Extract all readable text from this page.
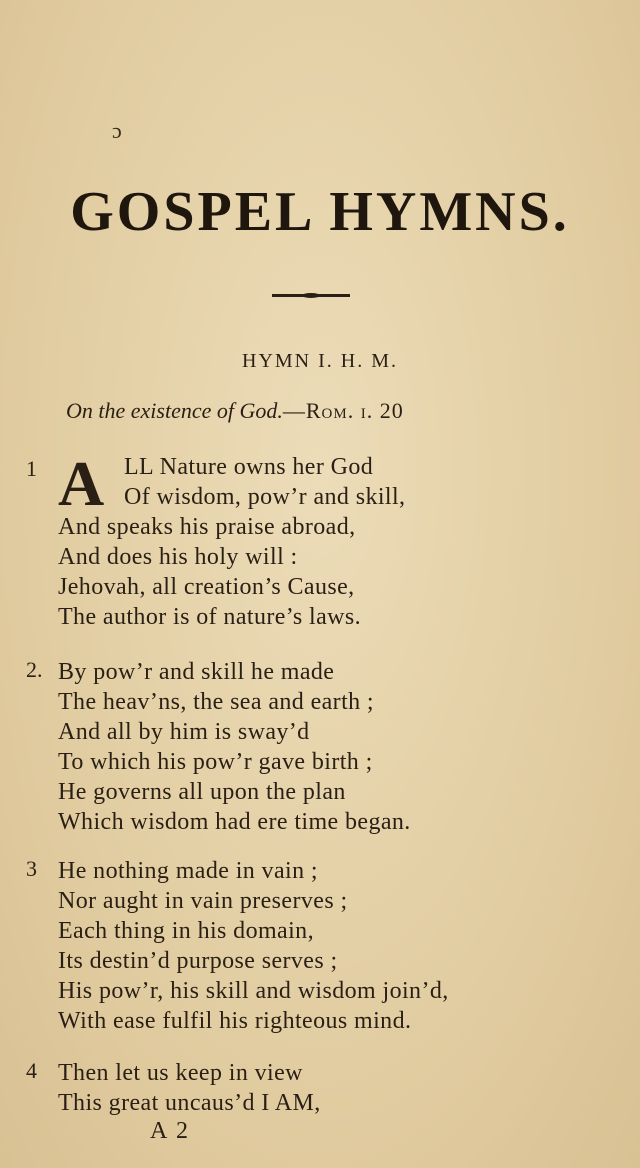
ɔ
GOSPEL HYMNS.
HYMN I. H. M.
On the existence of God.—Rom. i. 20
1 A LL Nature owns her God
Of wisdom, pow’r and skill,
And speaks his praise abroad,
And does his holy will :
Jehovah, all creation’s Cause,
The author is of nature’s laws.
2. By pow’r and skill he made
The heav’ns, the sea and earth ;
And all by him is sway’d
To which his pow’r gave birth ;
He governs all upon the plan
Which wisdom had ere time began.
3 He nothing made in vain ;
Nor aught in vain preserves ;
Each thing in his domain,
Its destin’d purpose serves ;
His pow’r, his skill and wisdom join’d,
With ease fulfil his righteous mind.
4 Then let us keep in view
This great uncaus’d I AM,
A 2
